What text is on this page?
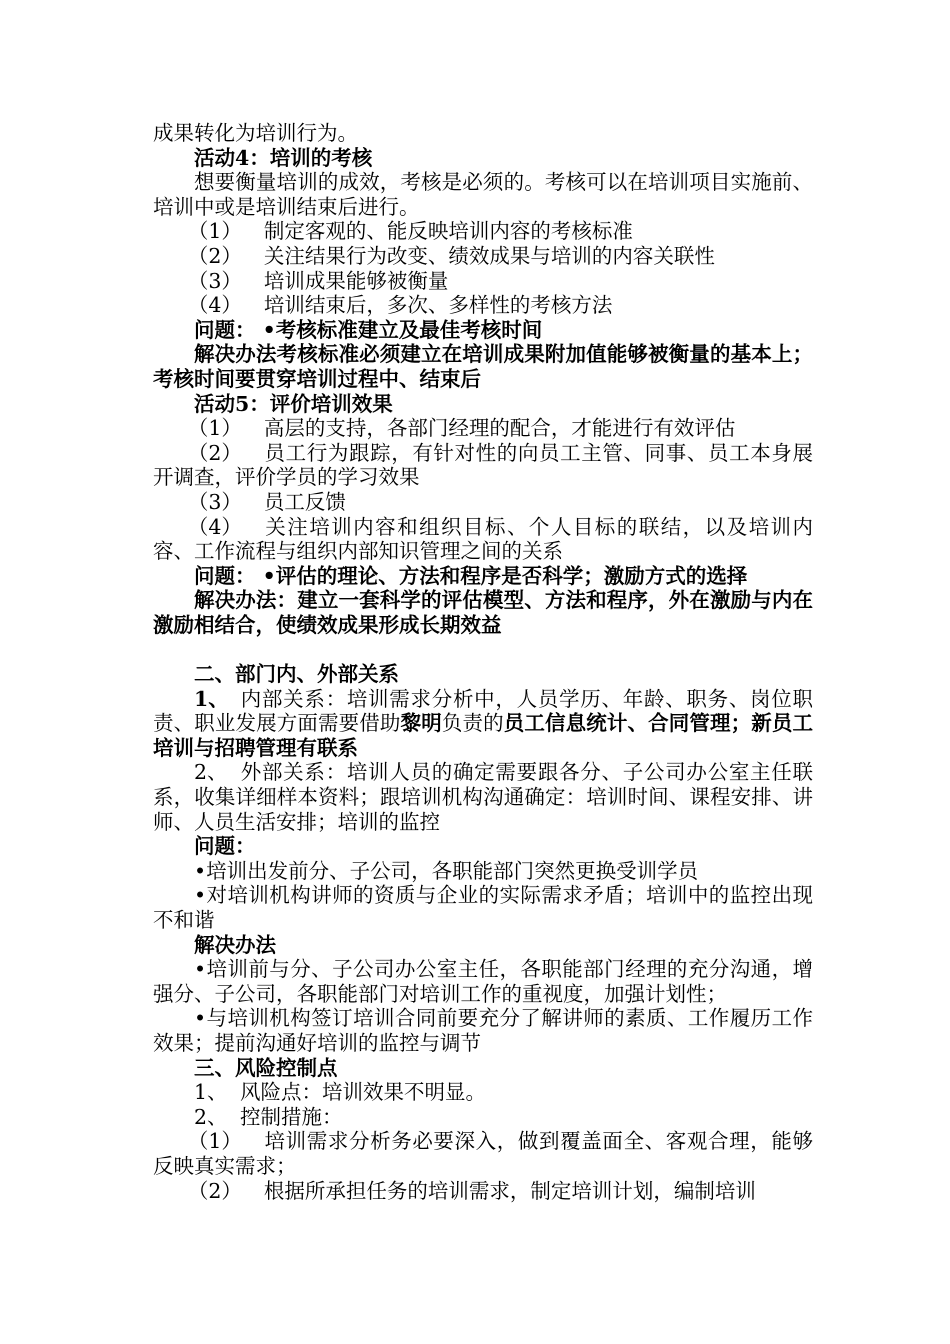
成果转化为培训行为。

活动4：培训的考核

想要衡量培训的成效，考核是必须的。考核可以在培训项目实施前、培训中或是培训结束后进行。

（1） 制定客观的、能反映培训内容的考核标准

（2） 关注结果行为改变、绩效成果与培训的内容关联性

（3） 培训成果能够被衡量

（4） 培训结束后，多次、多样性的考核方法

问题： •考核标准建立及最佳考核时间

解决办法考核标准必须建立在培训成果附加值能够被衡量的基本上；考核时间要贯穿培训过程中、结束后

活动5：评价培训效果

（1） 高层的支持，各部门经理的配合，才能进行有效评估

（2） 员工行为跟踪，有针对性的向员工主管、同事、员工本身展开调查，评价学员的学习效果

（3） 员工反馈

（4） 关注培训内容和组织目标、个人目标的联结，以及培训内容、工作流程与组织内部知识管理之间的关系

问题： •评估的理论、方法和程序是否科学；激励方式的选择

解决办法：建立一套科学的评估模型、方法和程序，外在激励与内在激励相结合，使绩效成果形成长期效益

二、部门内、外部关系

1、 内部关系：培训需求分析中，人员学历、年龄、职务、岗位职责、职业发展方面需要借助黎明负责的员工信息统计、合同管理；新员工培训与招聘管理有联系

2、 外部关系：培训人员的确定需要跟各分、子公司办公室主任联系，收集详细样本资料；跟培训机构沟通确定：培训时间、课程安排、讲师、人员生活安排；培训的监控

问题：

•培训出发前分、子公司，各职能部门突然更换受训学员

•对培训机构讲师的资质与企业的实际需求矛盾；培训中的监控出现不和谐

解决办法

•培训前与分、子公司办公室主任，各职能部门经理的充分沟通，增强分、子公司，各职能部门对培训工作的重视度，加强计划性；

•与培训机构签订培训合同前要充分了解讲师的素质、工作履历工作效果；提前沟通好培训的监控与调节

三、风险控制点

1、 风险点：培训效果不明显。

2、 控制措施：

（1） 培训需求分析务必要深入，做到覆盖面全、客观合理，能够反映真实需求；

（2） 根据所承担任务的培训需求，制定培训计划，编制培训
